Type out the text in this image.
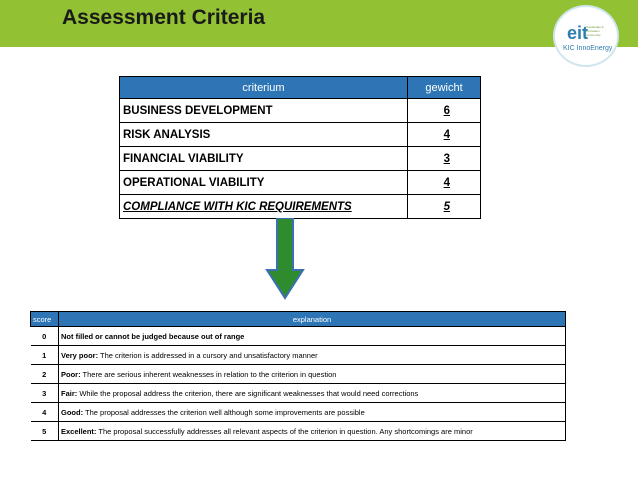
Assessment Criteria
eit
Knowledge & innovation community
KIC InnoEnergy
criterium	gewicht
BUSINESS DEVELOPMENT	6
RISK ANALYSIS	4
FINANCIAL VIABILITY	3
OPERATIONAL VIABILITY	4
COMPLIANCE WITH KIC REQUIREMENTS	5
score	explanation
0	Not filled or cannot be judged because out of range
1	Very poor: The criterion is addressed in a cursory and unsatisfactory manner
2	Poor: There are serious inherent weaknesses in relation to the criterion in question
3	Fair: While the proposal address the criterion, there are significant weaknesses that would need corrections
4	Good: The proposal addresses the criterion well although some improvements are possible
5	Excellent: The proposal successfully addresses all relevant aspects of the criterion in question. Any shortcomings are minor
